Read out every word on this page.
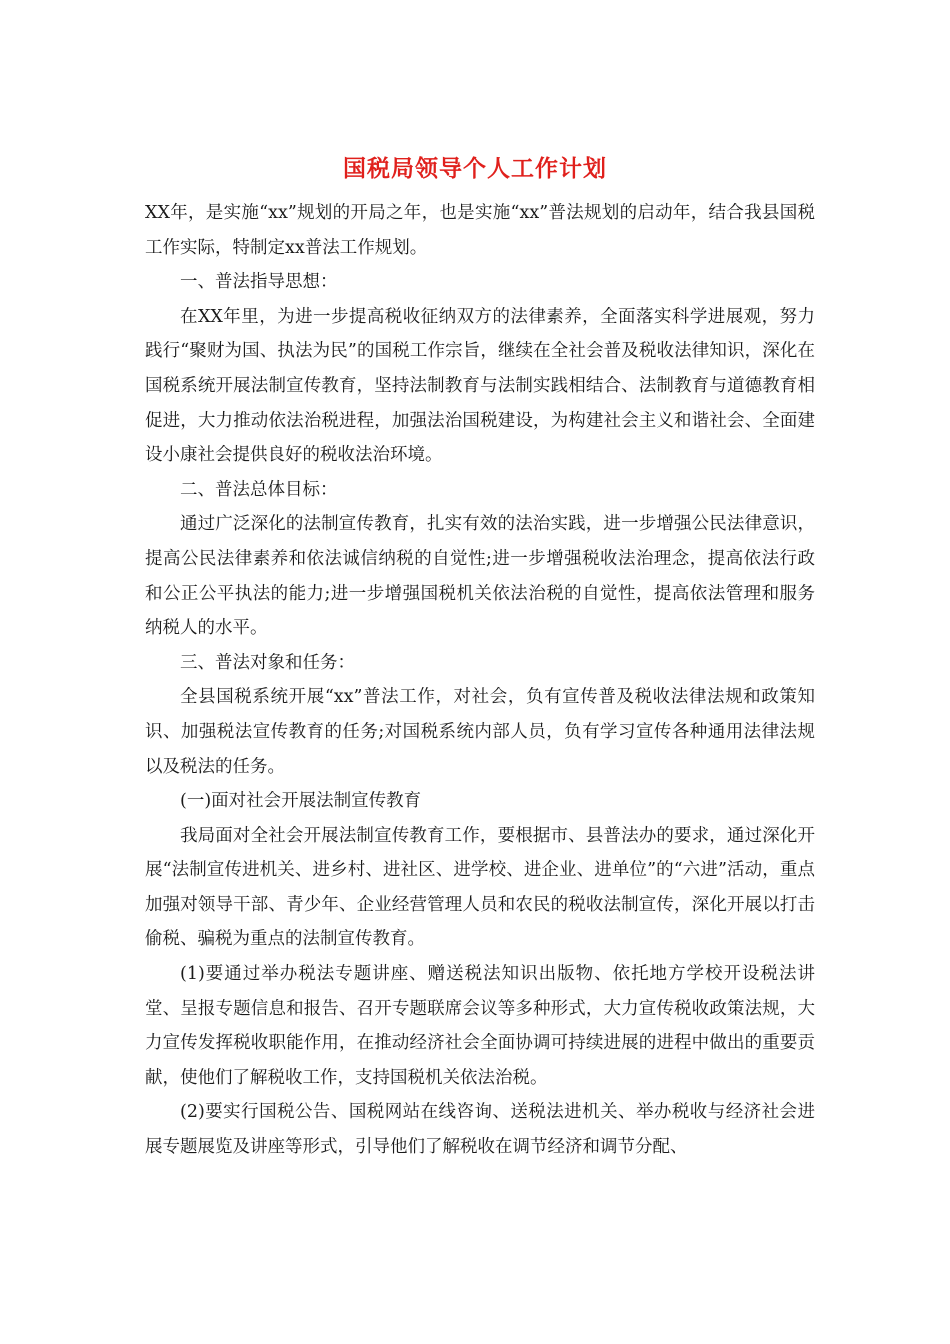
国税局领导个人工作计划

XX年，是实施“xx”规划的开局之年，也是实施“xx”普法规划的启动年，结合我县国税工作实际，特制定xx普法工作规划。

一、普法指导思想：

在XX年里，为进一步提高税收征纳双方的法律素养，全面落实科学进展观，努力践行“聚财为国、执法为民”的国税工作宗旨，继续在全社会普及税收法律知识，深化在国税系统开展法制宣传教育，坚持法制教育与法制实践相结合、法制教育与道德教育相促进，大力推动依法治税进程，加强法治国税建设，为构建社会主义和谐社会、全面建设小康社会提供良好的税收法治环境。

二、普法总体目标：

通过广泛深化的法制宣传教育，扎实有效的法治实践，进一步增强公民法律意识，提高公民法律素养和依法诚信纳税的自觉性;进一步增强税收法治理念，提高依法行政和公正公平执法的能力;进一步增强国税机关依法治税的自觉性，提高依法管理和服务纳税人的水平。

三、普法对象和任务：

全县国税系统开展“xx”普法工作，对社会，负有宣传普及税收法律法规和政策知识、加强税法宣传教育的任务;对国税系统内部人员，负有学习宣传各种通用法律法规以及税法的任务。

(一)面对社会开展法制宣传教育

我局面对全社会开展法制宣传教育工作，要根据市、县普法办的要求，通过深化开展“法制宣传进机关、进乡村、进社区、进学校、进企业、进单位”的“六进”活动，重点加强对领导干部、青少年、企业经营管理人员和农民的税收法制宣传，深化开展以打击偷税、骗税为重点的法制宣传教育。

(1)要通过举办税法专题讲座、赠送税法知识出版物、依托地方学校开设税法讲堂、呈报专题信息和报告、召开专题联席会议等多种形式，大力宣传税收政策法规，大力宣传发挥税收职能作用，在推动经济社会全面协调可持续进展的进程中做出的重要贡献，使他们了解税收工作，支持国税机关依法治税。

(2)要实行国税公告、国税网站在线咨询、送税法进机关、举办税收与经济社会进展专题展览及讲座等形式，引导他们了解税收在调节经济和调节分配、
